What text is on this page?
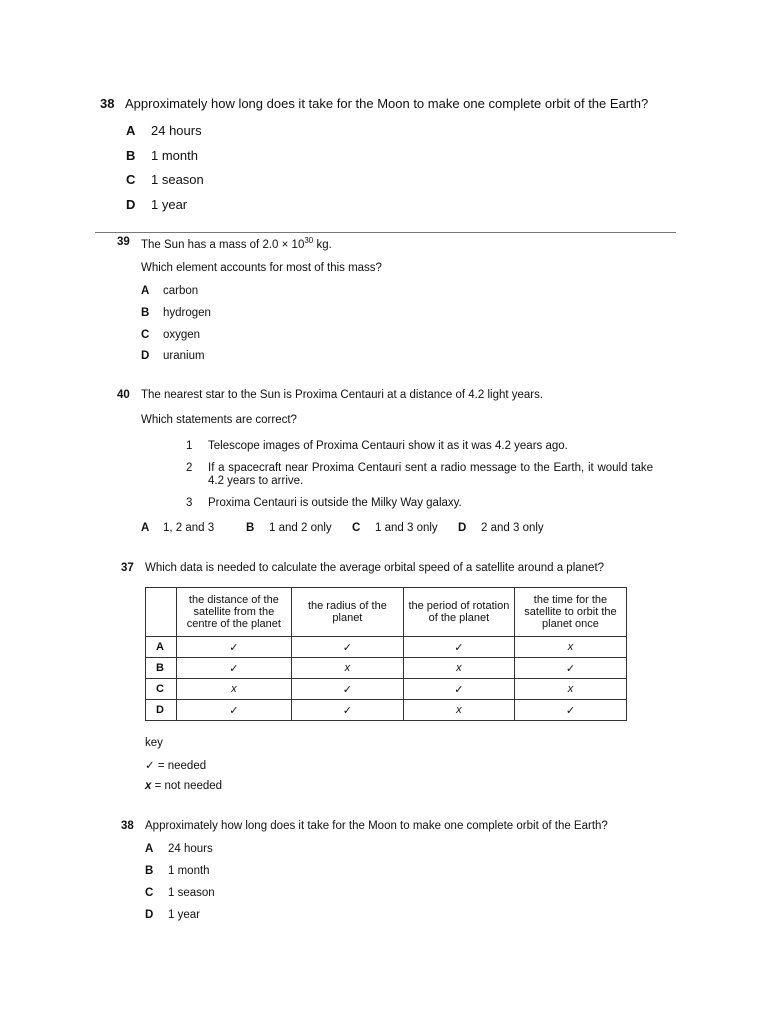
38 Approximately how long does it take for the Moon to make one complete orbit of the Earth?
A 24 hours
B 1 month
C 1 season
D 1 year
39 The Sun has a mass of $2.0 \times 10^{30}$ kg.
Which element accounts for most of this mass?
A carbon
B hydrogen
C oxygen
D uranium
40 The nearest star to the Sun is Proxima Centauri at a distance of 4.2 light years.
Which statements are correct?
1 Telescope images of Proxima Centauri show it as it was 4.2 years ago.
2 If a spacecraft near Proxima Centauri sent a radio message to the Earth, it would take 4.2 years to arrive.
3 Proxima Centauri is outside the Milky Way galaxy.
A 1, 2 and 3	B 1 and 2 only C 1 and 3 only D 2 and 3 only
37 Which data is needed to calculate the average orbital speed of a satellite around a planet?
	the distance of the satellite from the centre of the planet	the radius of the planet	the period of rotation of the planet	the time for the satellite to orbit the planet once
A	✓	✓	✓	x
B	✓	x	x	✓
C	x	✓	✓	x
D	✓	✓	x	✓
key
✓ = needed
x = not needed
38 Approximately how long does it take for the Moon to make one complete orbit of the Earth?
A 24 hours
B 1 month
C 1 season
D 1 year
